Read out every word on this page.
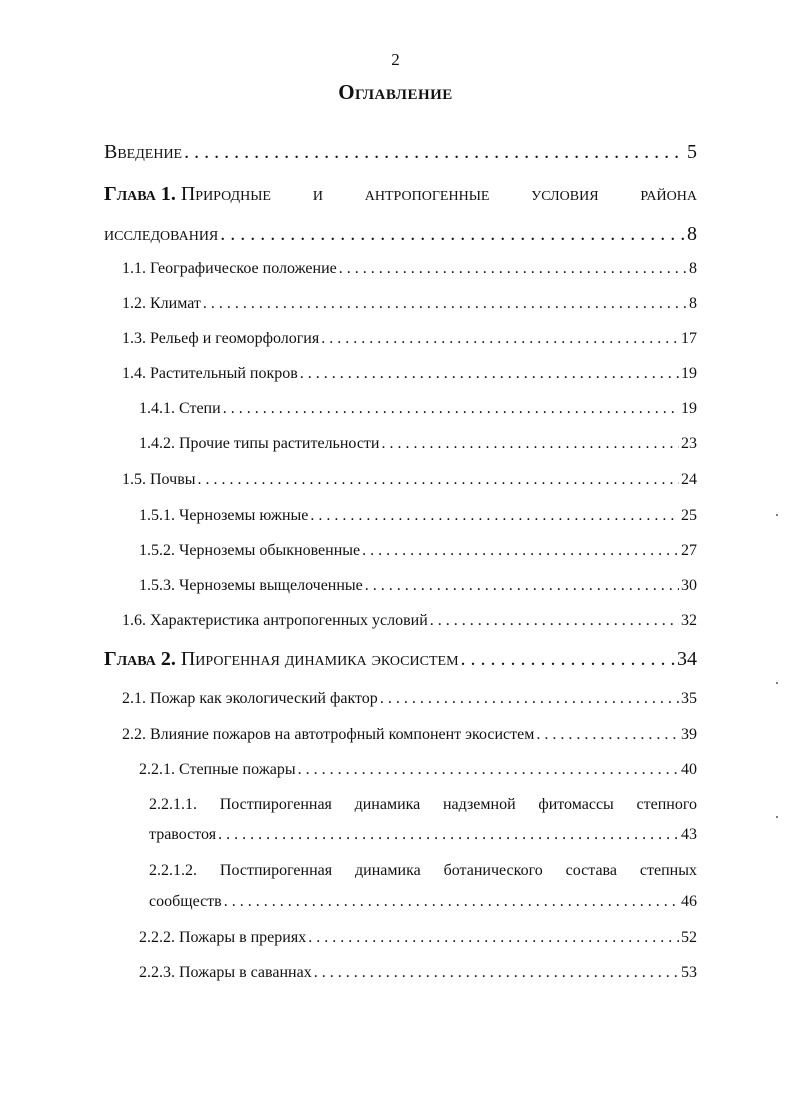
2
Оглавление
Введение . . .	5
Глава 1. Природные и антропогенные условия района
исследования . . .	8
1.1. Географическое положение . . .	8
1.2. Климат . . .	8
1.3. Рельеф и геоморфология . . .	17
1.4. Растительный покров . . .	19
1.4.1. Степи . . .	19
1.4.2. Прочие типы растительности . . .	23
1.5. Почвы . . .	24
1.5.1. Черноземы южные . . .	25
1.5.2. Черноземы обыкновенные . . .	27
1.5.3. Черноземы выщелоченные . . .	30
1.6. Характеристика антропогенных условий . . .	32
Глава 2. Пирогенная динамика экосистем . . .	34
2.1. Пожар как экологический фактор . . .	35
2.2. Влияние пожаров на автотрофный компонент экосистем . . .	39
2.2.1. Степные пожары . . .	40
2.2.1.1. Постпирогенная динамика надземной фитомассы степного
травостоя . . .	43
2.2.1.2. Постпирогенная динамика ботанического состава степных
сообществ . . .	46
2.2.2. Пожары в прериях . . .	52
2.2.3. Пожары в саваннах . . .	53
